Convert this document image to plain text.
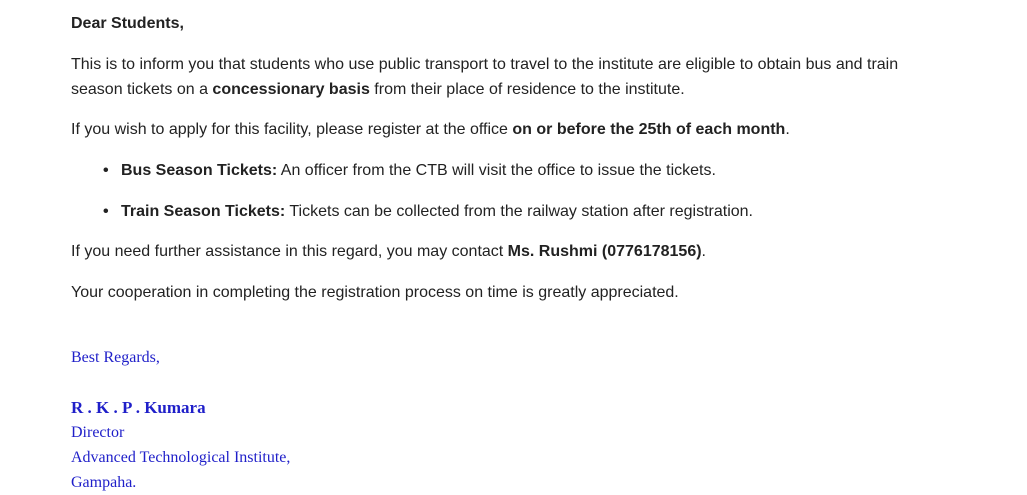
Dear Students,

This is to inform you that students who use public transport to travel to the institute are eligible to obtain bus and train season tickets on a concessionary basis from their place of residence to the institute.

If you wish to apply for this facility, please register at the office on or before the 25th of each month.

• Bus Season Tickets: An officer from the CTB will visit the office to issue the tickets.
• Train Season Tickets: Tickets can be collected from the railway station after registration.

If you need further assistance in this regard, you may contact Ms. Rushmi (0776178156).

Your cooperation in completing the registration process on time is greatly appreciated.

Best Regards,
R . K . P . Kumara
Director
Advanced Technological Institute,
Gampaha.
